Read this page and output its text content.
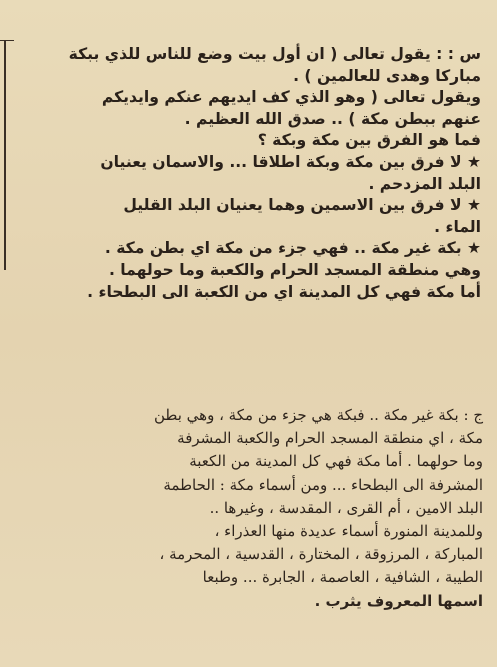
س : : يقول تعالى ( ان أول بيت وضع للناس للذي ببكة

مباركا وهدى للعالمين ) .

ويقول تعالى ( وهو الذي كف ايديهم عنكم وايديكم

عنهم ببطن مكة ) .. صدق الله العظيم .

فما هو الفرق بين مكة وبكة ؟

★ لا فرق بين مكة وبكة اطلاقا ... والاسمان يعنيان

البلد المزدحم .

★ لا فرق بين الاسمين وهما يعنيان البلد القليل

الماء .

★ بكة غير مكة .. فهي جزء من مكة اي بطن مكة .

وهي منطقة المسجد الحرام والكعبة وما حولهما .

أما مكة فهي كل المدينة اي من الكعبة الى البطحاء .

ج : بكة غير مكة .. فبكة هي جزء من مكة ، وهي بطن

مكة ، اي منطقة المسجد الحرام والكعبة المشرفة

وما حولهما . أما مكة فهي كل المدينة من الكعبة

المشرفة الى البطحاء ... ومن أسماء مكة : الحاطمة

البلد الامين ، أم القرى ، المقدسة ، وغيرها ..

وللمدينة المنورة أسماء عديدة منها العذراء ،

المباركة ، المرزوقة ، المختارة ، القدسية ، المحرمة ،

الطيبة ، الشافية ، العاصمة ، الجابرة ... وطبعا

اسمها المعروف يثرب .
